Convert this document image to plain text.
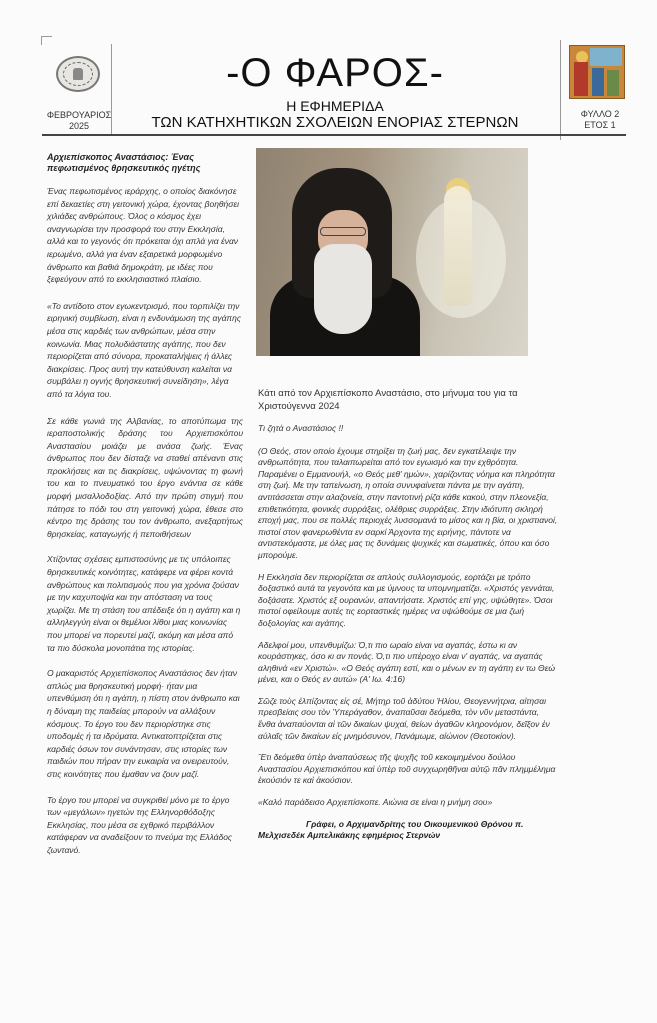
ΦΕΒΡΟΥΑΡΙΟΣ
2025
-Ο ΦΑΡΟΣ-
Η ΕΦΗΜΕΡΙΔΑ
ΤΩΝ ΚΑΤΗΧΗΤΙΚΩΝ ΣΧΟΛΕΙΩΝ ΕΝΟΡΙΑΣ ΣΤΕΡΝΩΝ	ΦΥΛΛΟ 2
ΕΤΟΣ 1
Αρχιεπίσκοπος Αναστάσιος: Ένας πεφωτισμένος θρησκευτικός ηγέτης

Ένας πεφωτισμένος ιεράρχης, ο οποίος διακόνησε επί δεκαετίες στη γειτονική χώρα, έχοντας βοηθήσει χιλιάδες ανθρώπους. Όλος ο κόσμος έχει αναγνωρίσει την προσφορά του στην Εκκλησία, αλλά και το γεγονός ότι πρόκειται όχι απλά για έναν ιερωμένο, αλλά για έναν εξαιρετικά μορφωμένο άνθρωπο και βαθιά δημοκράτη, με ιδέες που ξεφεύγουν από το εκκλησιαστικό πλαίσιο.

«Το αντίδοτο στον εγωκεντρισμό, που τορπιλίζει την ειρηνική συμβίωση, είναι η ενδυνάμωση της αγάπης μέσα στις καρδιές των ανθρώπων, μέσα στην κοινωνία. Μιας πολυδιάστατης αγάπης, που δεν περιορίζεται από σύνορα, προκαταλήψεις ή άλλες διακρίσεις. Προς αυτή την κατεύθυνση καλείται να συμβάλει η ογνής θρησκευτική συνείδηση», λέγα από τα λόγια του.

Σε κάθε γωνιά της Αλβανίας, το αποτύπωμα της ιεραποστολικής δράσης του Αρχιεπισκόπου Αναστασίου μοιάζει με ανάσα ζωής. Ένας άνθρωπος που δεν δίσταζε να σταθεί απέναντι στις προκλήσεις και τις διακρίσεις, υψώνοντας τη φωνή του και το πνευματικό του έργο ενάντια σε κάθε μορφή μισαλλοδοξίας. Από την πρώτη στιγμή που πάτησε το πόδι του στη γειτονική χώρα, έθεσε στο κέντρο της δράσης του τον άνθρωπο, ανεξαρτήτως θρησκείας, καταγωγής ή πεποιθήσεων

Χτίζοντας σχέσεις εμπιστοσύνης με τις υπόλοιπες θρησκευτικές κοινότητες, κατάφερε να φέρει κοντά ανθρώπους και πολιτισμούς που για χρόνια ζούσαν με την καχυποψία και την απόσταση να τους χωρίζει. Με τη στάση του απέδειξε ότι η αγάπη και η αλληλεγγύη είναι οι θεμέλιοι λίθοι μιας κοινωνίας που μπορεί να πορευτεί μαζί, ακόμη και μέσα από τα πιο δύσκολα μονοπάτια της ιστορίας.

Ο μακαριστός Αρχιεπίσκοπος Αναστάσιος δεν ήταν απλώς μια θρησκευτική μορφή· ήταν μια υπενθύμιση ότι η αγάπη, η πίστη στον άνθρωπο και η δύναμη της παιδείας μπορούν να αλλάξουν κόσμους. Το έργο του δεν περιορίστηκε στις υποδομές ή τα ιδρύματα. Αντικατοπτρίζεται στις καρδιές όσων τον συνάντησαν, στις ιστορίες των παιδιών που πήραν την ευκαιρία να ονειρευτούν, στις κοινότητες που έμαθαν να ζουν μαζί.

Το έργο του μπορεί να συγκριθεί μόνο με το έργο των «μεγάλων» ηγετών της Ελληνορθόδοξης Εκκλησίας, που μέσα σε εχθρικό περιβάλλον κατάφεραν να αναδείξουν το πνεύμα της Ελλάδος ζωντανό.

Κάτι από τον Αρχιεπίσκοπο Αναστάσιο, στο μήνυμα του για τα Χριστούγεννα 2024

Τι ζητά ο Αναστάσιος !!

(Ο Θεός, στον οποίο έχουμε στηρίξει τη ζωή μας, δεν εγκατέλειψε την ανθρωπότητα, που ταλαιπωρείται από τον εγωισμό και την εχθρότητα. Παραμένει ο Εμμανουήλ, «ο Θεός μεθ' ημών», χαρίζοντας νόημα και πληρότητα στη ζωή. Με την ταπείνωση, η οποία συνυφαίνεται πάντα με την αγάπη, αντιτάσσεται στην αλαζονεία, στην παντοτινή ρίζα κάθε κακού, στην πλεονεξία, επιθετικότητα, φονικές συρράξεις, ολέθριες συρράξεις. Στην ιδιότυπη σκληρή εποχή μας, που σε πολλές περιοχές λυσσομανά το μίσος και η βία, οι χριστιανοί, πιστοί στον φανερωθέντα εν σαρκί Άρχοντα της ειρήνης, πάντοτε να αντιστεκόμαστε, με όλες μας τις δυνάμεις ψυχικές και σωματικές, όπου και όσο μπορούμε.

Η Εκκλησία δεν περιορίζεται σε απλούς συλλογισμούς, εορτάζει με τρόπο δοξαστικό αυτά τα γεγονότα και με ύμνους τα υπομνηματίζει. «Χριστός γεννάται, δοξάσατε. Χριστός εξ ουρανών, απαντήσατε. Χριστός επί γης, υψώθητε». Όσοι πιστοί οφείλουμε αυτές τις εορταστικές ημέρες να υψώθούμε σε μια ζωή δοξολογίας και αγάπης.

Αδελφοί μου, υπενθυμίζω: Ό,τι πιο ωραίο είναι να αγαπάς, έστω κι αν κουράστηκες, όσο κι αν πονάς. Ό,τι πιο υπέροχο είναι ν' αγαπάς, να αγαπάς αληθινά «εν Χριστώ». «Ο Θεός αγάπη εστί, και ο μένων εν τη αγάπη εν τω Θεώ μένει, και ο Θεός εν αυτώ» (Α' Ιω. 4:16)

Σῶζε τοὺς ἐλπίζοντας εἰς σέ, Μήτηρ τοῦ ἀδύτου Ἡλίου, Θεογεννήτρια, αἰτησαι πρεσβείαις σου τὸν Ὑπεράγαθον, ἀναπαῦσαι δεόμεθα, τὸν νῦν μεταστάντα, ἔνθα ἀναπαύονται αἱ τῶν δικαίων ψυχαί, θείων ἀγαθῶν κληρονόμον, δεῖξον ἐν αὐλαῖς τῶν δικαίων εἰς μνημόσυνον, Πανάμωμε, αἰώνιον (Θεοτοκίον).

Ἔτι δεόμεθα ὑπὲρ ἀναπαύσεως τῆς ψυχῆς τοῦ κεκοιμημένου δούλου Αναστασίου Αρχιεπισκόπου καὶ ὑπὲρ τοῦ συγχωρηθῆναι αὐτῷ πᾶν πλημμέλημα ἑκούσιόν τε καὶ ἀκούσιον.

«Καλό παράδεισο Αρχιεπίσκοπε. Αιώνια σε είναι η μνήμη σου»

Γράφει, ο Αρχιμανδρίτης του Οικουμενικού Θρόνου π. Μελχισεδέκ Αμπελικάκης εφημέριος Στερνών
